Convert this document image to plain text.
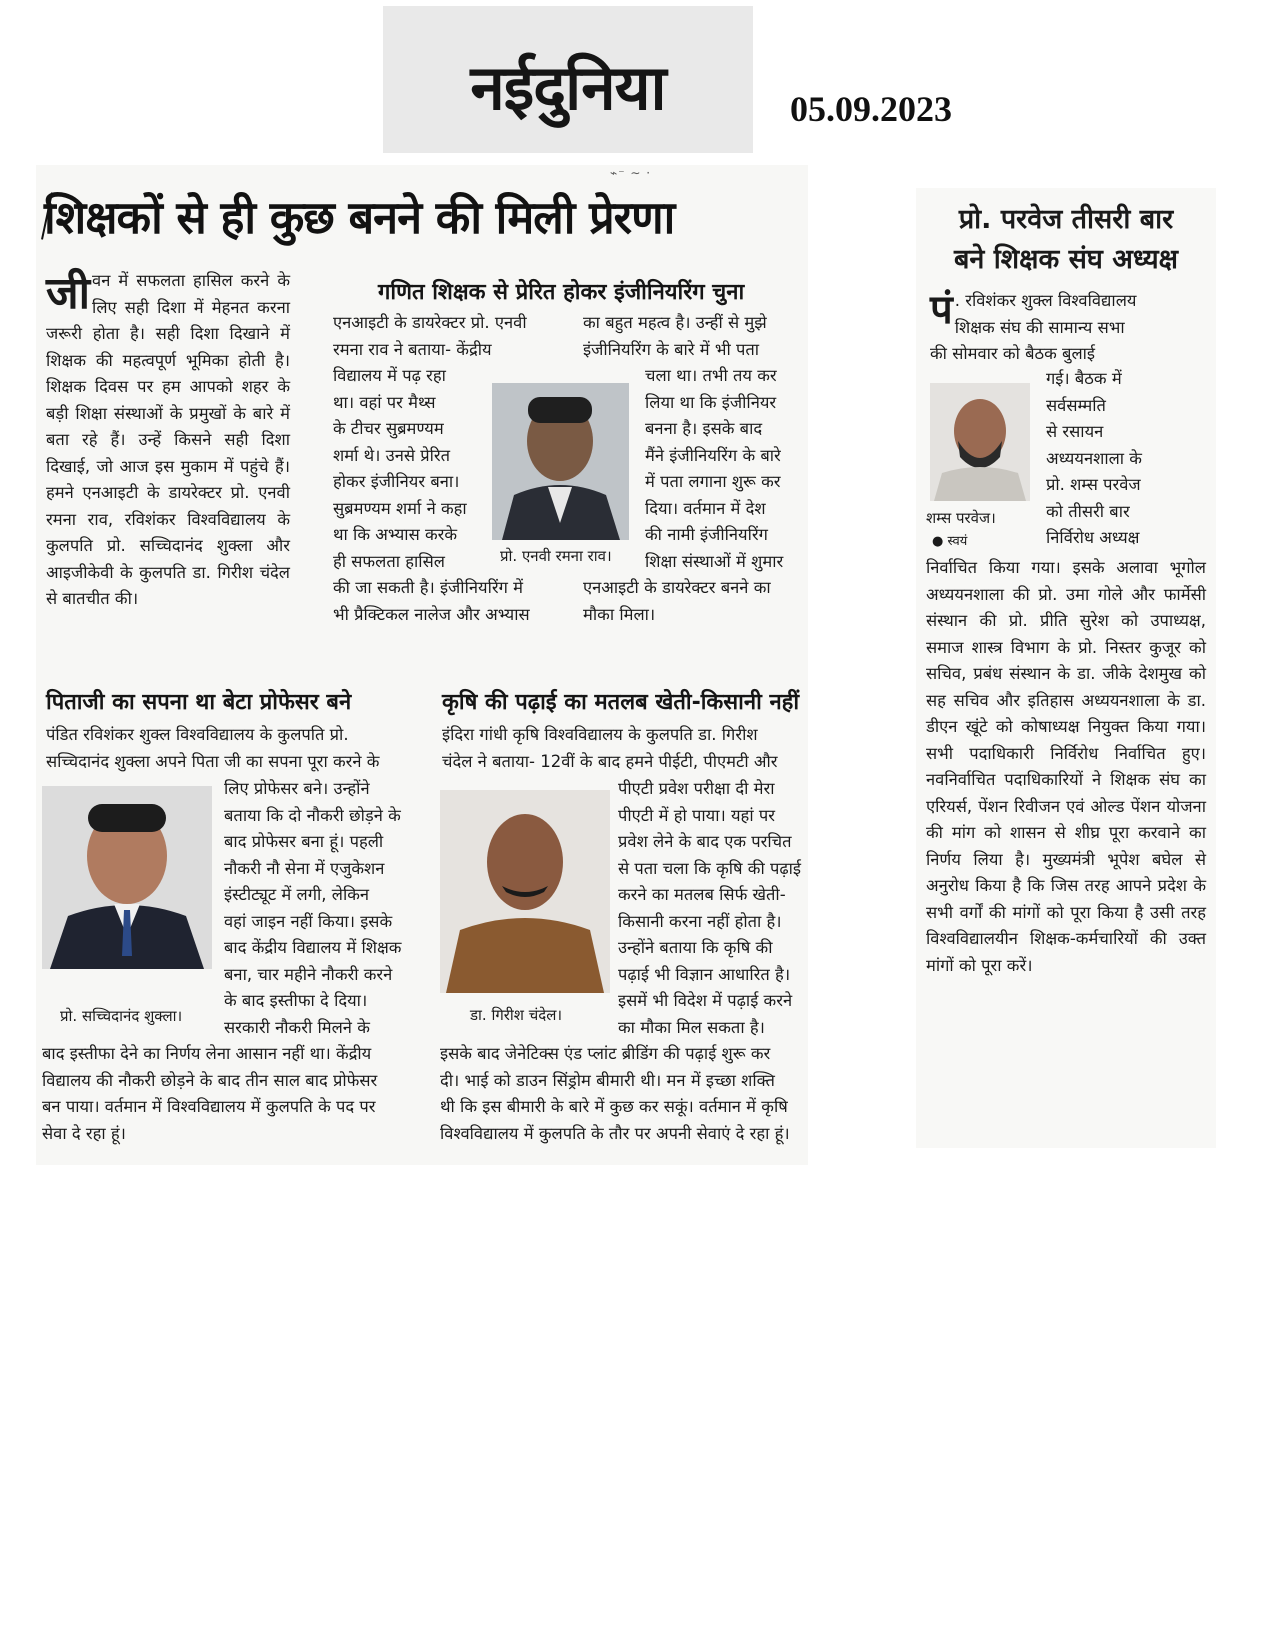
नईदुनिया	05.09.2023
⌁⁻ ∼ ·
शिक्षकों से ही कुछ बनने की मिली प्रेरणा
जी वन में सफलता हासिल करने के लिए सही दिशा में मेहनत करना जरूरी होता है। सही दिशा दिखाने में शिक्षक की महत्वपूर्ण भूमिका होती है। शिक्षक दिवस पर हम आपको शहर के बड़ी शिक्षा संस्थाओं के प्रमुखों के बारे में बता रहे हैं। उन्हें किसने सही दिशा दिखाई, जो आज इस मुकाम में पहुंचे हैं। हमने एनआइटी के डायरेक्टर प्रो. एनवी रमना राव, रविशंकर विश्वविद्यालय के कुलपति प्रो. सच्चिदानंद शुक्ला और आइजीकेवी के कुलपति डा. गिरीश चंदेल से बातचीत की।
गणित शिक्षक से प्रेरित होकर इंजीनियरिंग चुना

एनआइटी के डायरेक्टर प्रो. एनवी

रमना राव ने बताया- केंद्रीय

विद्यालय में पढ़ रहा

था। वहां पर मैथ्स

के टीचर सुब्रमण्यम

शर्मा थे। उनसे प्रेरित

होकर इंजीनियर बना।

सुब्रमण्यम शर्मा ने कहा

था कि अभ्यास करके

ही सफलता हासिल

की जा सकती है। इंजीनियरिंग में

भी प्रैक्टिकल नालेज और अभ्यास

प्रो. एनवी रमना राव।

का बहुत महत्व है। उन्हीं से मुझे

इंजीनियरिंग के बारे में भी पता

चला था। तभी तय कर

लिया था कि इंजीनियर

बनना है। इसके बाद

मैंने इंजीनियरिंग के बारे

में पता लगाना शुरू कर

दिया। वर्तमान में देश

की नामी इंजीनियरिंग

शिक्षा संस्थाओं में शुमार

एनआइटी के डायरेक्टर बनने का

मौका मिला।

पिताजी का सपना था बेटा प्रोफेसर बने

पंडित रविशंकर शुक्ल विश्वविद्यालय के कुलपति प्रो.

सच्चिदानंद शुक्ला अपने पिता जी का सपना पूरा करने के

प्रो. सच्चिदानंद शुक्ला।

लिए प्रोफेसर बने। उन्होंने

बताया कि दो नौकरी छोड़ने के

बाद प्रोफेसर बना हूं। पहली

नौकरी नौ सेना में एजुकेशन

इंस्टीट्यूट में लगी, लेकिन

वहां जाइन नहीं किया। इसके

बाद केंद्रीय विद्यालय में शिक्षक

बना, चार महीने नौकरी करने

के बाद इस्तीफा दे दिया।

सरकारी नौकरी मिलने के

बाद इस्तीफा देने का निर्णय लेना आसान नहीं था। केंद्रीय

विद्यालय की नौकरी छोड़ने के बाद तीन साल बाद प्रोफेसर

बन पाया। वर्तमान में विश्वविद्यालय में कुलपति के पद पर

सेवा दे रहा हूं।

कृषि की पढ़ाई का मतलब खेती-किसानी नहीं

इंदिरा गांधी कृषि विश्वविद्यालय के कुलपति डा. गिरीश

चंदेल ने बताया- 12वीं के बाद हमने पीईटी, पीएमटी और

डा. गिरीश चंदेल।

पीएटी प्रवेश परीक्षा दी मेरा

पीएटी में हो पाया। यहां पर

प्रवेश लेने के बाद एक परचित

से पता चला कि कृषि की पढ़ाई

करने का मतलब सिर्फ खेती-

किसानी करना नहीं होता है।

उन्होंने बताया कि कृषि की

पढ़ाई भी विज्ञान आधारित है।

इसमें भी विदेश में पढ़ाई करने

का मौका मिल सकता है।

इसके बाद जेनेटिक्स एंड प्लांट ब्रीडिंग की पढ़ाई शुरू कर

दी। भाई को डाउन सिंड्रोम बीमारी थी। मन में इच्छा शक्ति

थी कि इस बीमारी के बारे में कुछ कर सकूं। वर्तमान में कृषि

विश्वविद्यालय में कुलपति के तौर पर अपनी सेवाएं दे रहा हूं।

प्रो. परवेज तीसरी बार
बने शिक्षक संघ अध्यक्ष
पं . रविशंकर शुक्ल विश्वविद्यालय

शिक्षक संघ की सामान्य सभा

की सोमवार को बैठक बुलाई

शम्स परवेज।
● स्वयं

गई। बैठक में

सर्वसम्मति

से रसायन

अध्ययनशाला के

प्रो. शम्स परवेज

को तीसरी बार

निर्विरोध अध्यक्ष

निर्वाचित किया गया। इसके अलावा भूगोल अध्ययनशाला की प्रो. उमा गोले और फार्मेसी संस्थान की प्रो. प्रीति सुरेश को उपाध्यक्ष, समाज शास्त्र विभाग के प्रो. निस्तर कुजूर को सचिव, प्रबंध संस्थान के डा. जीके देशमुख को सह सचिव और इतिहास अध्ययनशाला के डा. डीएन खूंटे को कोषाध्यक्ष नियुक्त किया गया। सभी पदाधिकारी निर्विरोध निर्वाचित हुए। नवनिर्वाचित पदाधिकारियों ने शिक्षक संघ का एरियर्स, पेंशन रिवीजन एवं ओल्ड पेंशन योजना की मांग को शासन से शीघ्र पूरा करवाने का निर्णय लिया है। मुख्यमंत्री भूपेश बघेल से अनुरोध किया है कि जिस तरह आपने प्रदेश के सभी वर्गों की मांगों को पूरा किया है उसी तरह विश्वविद्यालयीन शिक्षक-कर्मचारियों की उक्त मांगों को पूरा करें।
